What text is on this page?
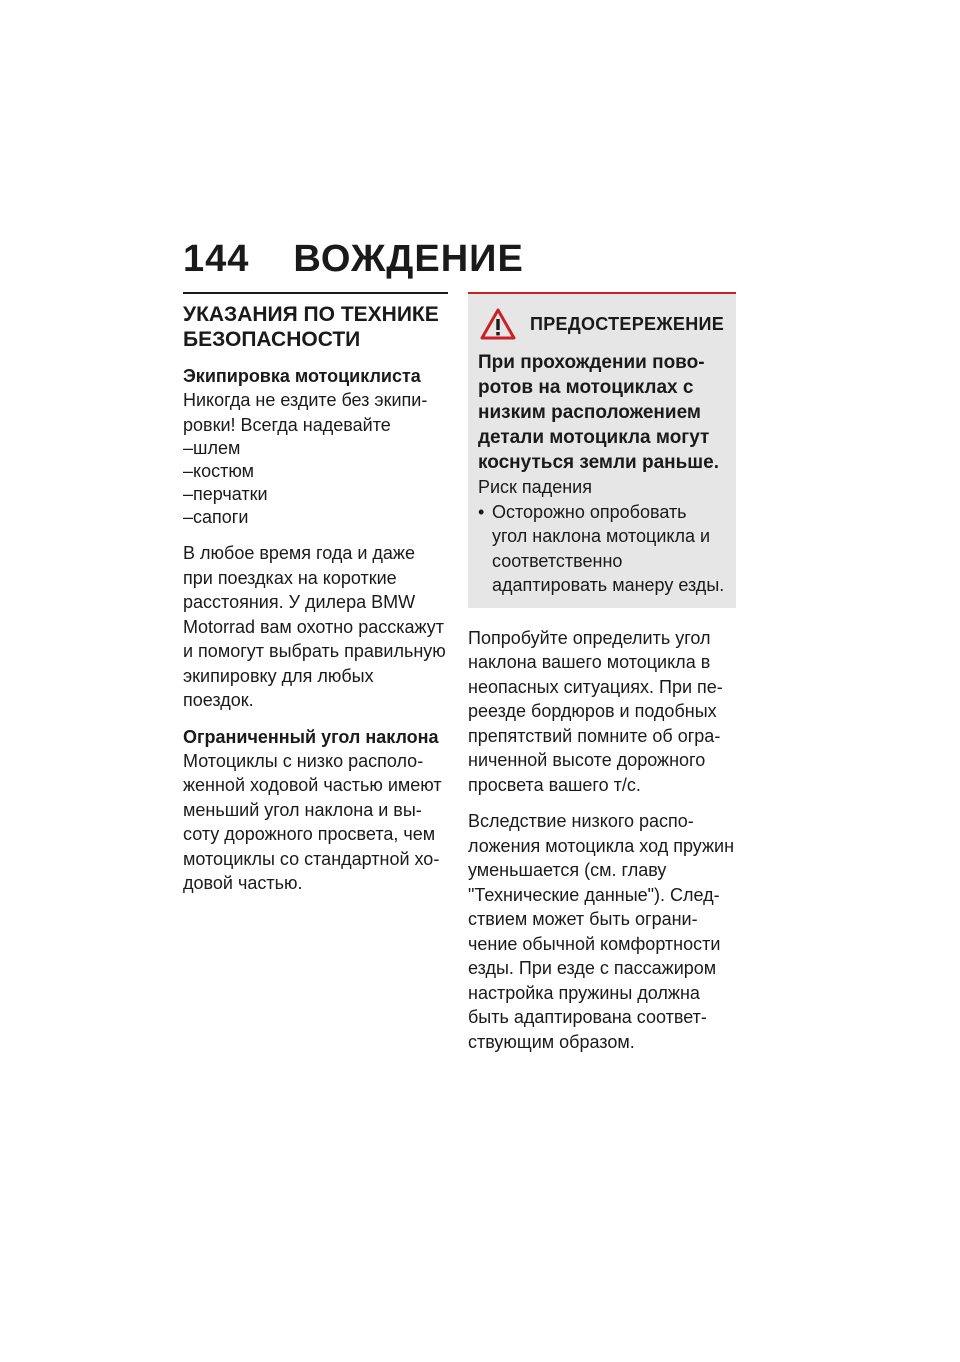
144 ВОЖДЕНИЕ
УКАЗАНИЯ ПО ТЕХНИКЕ БЕЗОПАСНОСТИ
Экипировка мотоциклиста

Никогда не ездите без экипировки! Всегда надевайте

– шлем
– костюм
– перчатки
– сапоги

В любое время года и даже при поездках на короткие расстояния. У дилера BMW Motorrad вам охотно расскажут и помогут выбрать правильную экипировку для любых поездок.

Ограниченный угол наклона

Мотоциклы с низко расположенной ходовой частью имеют меньший угол наклона и высоту дорожного просвета, чем мотоциклы со стандартной ходовой частью.

ПРЕДОСТЕРЕЖЕНИЕ
При прохождении поворотов на мотоциклах с низким расположением детали мотоцикла могут коснуться земли раньше.

Риск падения

• Осторожно опробовать угол наклона мотоцикла и соответственно адаптировать манеру езды.

Попробуйте определить угол наклона вашего мотоцикла в неопасных ситуациях. При переезде бордюров и подобных препятствий помните об ограниченной высоте дорожного просвета вашего т/с.

Вследствие низкого расположения мотоцикла ход пружин уменьшается (см. главу "Технические данные"). Следствием может быть ограничение обычной комфортности езды. При езде с пассажиром настройка пружины должна быть адаптирована соответствующим образом.
